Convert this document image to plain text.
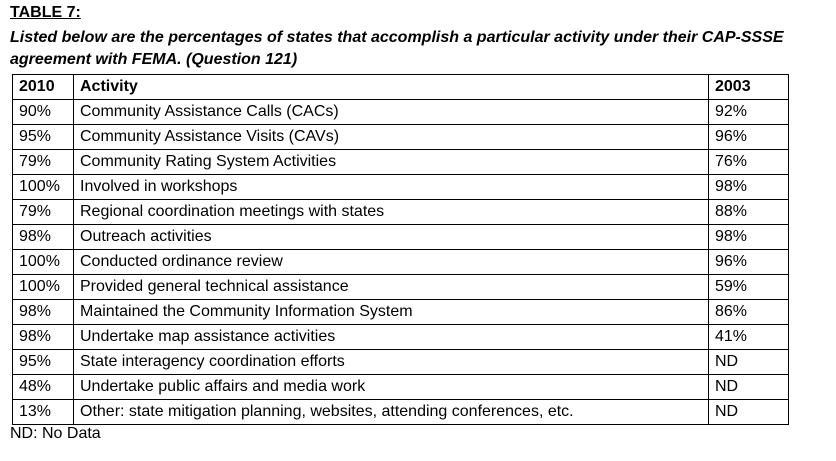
TABLE 7:
Listed below are the percentages of states that accomplish a particular activity under their CAP-SSSE agreement with FEMA. (Question 121)
2010	Activity	2003
90%	Community Assistance Calls (CACs)	92%
95%	Community Assistance Visits (CAVs)	96%
79%	Community Rating System Activities	76%
100%	Involved in workshops	98%
79%	Regional coordination meetings with states	88%
98%	Outreach activities	98%
100%	Conducted ordinance review	96%
100%	Provided general technical assistance	59%
98%	Maintained the Community Information System	86%
98%	Undertake map assistance activities	41%
95%	State interagency coordination efforts	ND
48%	Undertake public affairs and media work	ND
13%	Other: state mitigation planning, websites, attending conferences, etc.	ND
ND: No Data
